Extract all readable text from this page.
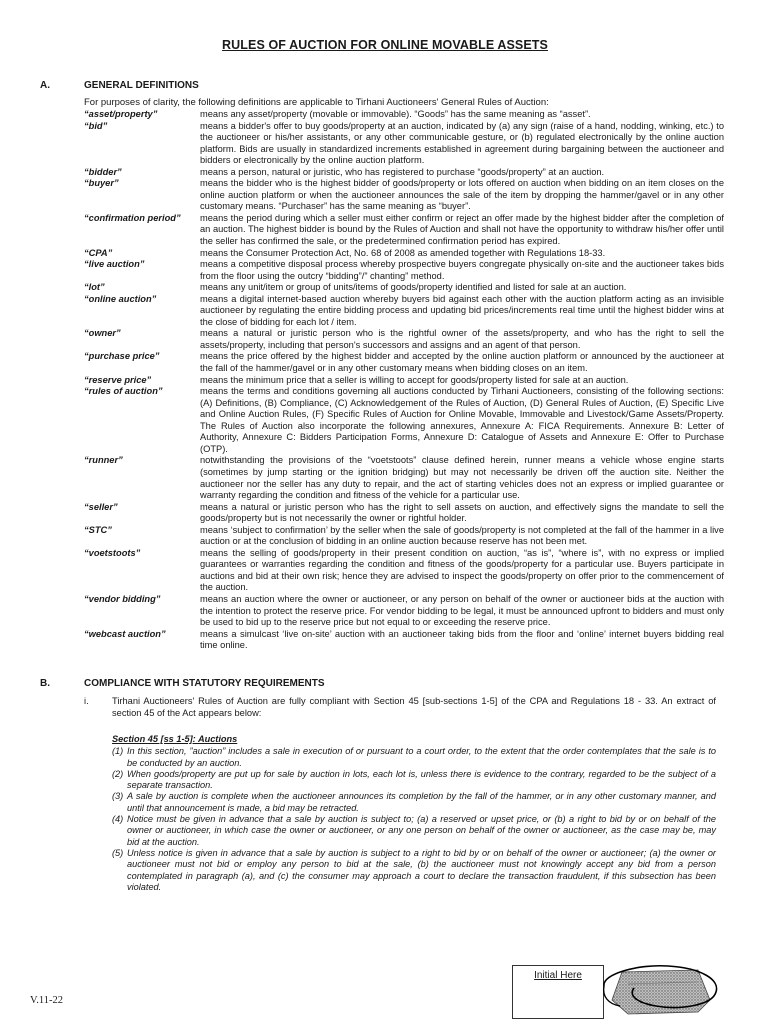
RULES OF AUCTION FOR ONLINE MOVABLE ASSETS
A.	GENERAL DEFINITIONS
For purposes of clarity, the following definitions are applicable to Tirhani Auctioneers' General Rules of Auction:
“asset/property”	means any asset/property (movable or immovable). “Goods” has the same meaning as “asset”.
“bid”	means a bidder's offer to buy goods/property at an auction, indicated by (a) any sign (raise of a hand, nodding, winking, etc.) to the auctioneer or his/her assistants, or any other communicable gesture, or (b) regulated electronically by the online auction platform. Bids are usually in standardized increments established in agreement during bargaining between the auctioneer and bidders or electronically by the online auction platform.
“bidder”	means a person, natural or juristic, who has registered to purchase “goods/property” at an auction.
“buyer”	means the bidder who is the highest bidder of goods/property or lots offered on auction when bidding on an item closes on the online auction platform or when the auctioneer announces the sale of the item by dropping the hammer/gavel or in any other customary means. “Purchaser” has the same meaning as “buyer”.
“confirmation period”	means the period during which a seller must either confirm or reject an offer made by the highest bidder after the completion of an auction. The highest bidder is bound by the Rules of Auction and shall not have the opportunity to withdraw his/her offer until the seller has confirmed the sale, or the predetermined confirmation period has expired.
“CPA”	means the Consumer Protection Act, No. 68 of 2008 as amended together with Regulations 18-33.
“live auction”	means a competitive disposal process whereby prospective buyers congregate physically on-site and the auctioneer takes bids from the floor using the outcry “bidding”/” chanting” method.
“lot”	means any unit/item or group of units/items of goods/property identified and listed for sale at an auction.
“online auction”	means a digital internet-based auction whereby buyers bid against each other with the auction platform acting as an invisible auctioneer by regulating the entire bidding process and updating bid prices/increments real time until the highest bidder wins at the close of bidding for each lot / item.
“owner”	means a natural or juristic person who is the rightful owner of the assets/property, and who has the right to sell the assets/property, including that person's successors and assigns and an agent of that person.
“purchase price”	means the price offered by the highest bidder and accepted by the online auction platform or announced by the auctioneer at the fall of the hammer/gavel or in any other customary means when bidding closes on an item.
“reserve price”	means the minimum price that a seller is willing to accept for goods/property listed for sale at an auction.
“rules of auction”	means the terms and conditions governing all auctions conducted by Tirhani Auctioneers, consisting of the following sections: (A) Definitions, (B) Compliance, (C) Acknowledgement of the Rules of Auction, (D) General Rules of Auction, (E) Specific Live and Online Auction Rules, (F) Specific Rules of Auction for Online Movable, Immovable and Livestock/Game Assets/Property. The Rules of Auction also incorporate the following annexures, Annexure A: FICA Requirements. Annexure B: Letter of Authority, Annexure C: Bidders Participation Forms, Annexure D: Catalogue of Assets and Annexure E: Offer to Purchase (OTP).
“runner”	notwithstanding the provisions of the “voetstoots” clause defined herein, runner means a vehicle whose engine starts (sometimes by jump starting or the ignition bridging) but may not necessarily be driven off the auction site. Neither the auctioneer nor the seller has any duty to repair, and the act of starting vehicles does not an express or implied guarantee or warranty regarding the condition and fitness of the vehicle for a particular use.
“seller”	means a natural or juristic person who has the right to sell assets on auction, and effectively signs the mandate to sell the goods/property but is not necessarily the owner or rightful holder.
“STC”	means ‘subject to confirmation’ by the seller when the sale of goods/property is not completed at the fall of the hammer in a live auction or at the conclusion of bidding in an online auction because reserve has not been met.
“voetstoots”	means the selling of goods/property in their present condition on auction, “as is”, “where is”, with no express or implied guarantees or warranties regarding the condition and fitness of the goods/property for a particular use. Buyers participate in auctions and bid at their own risk; hence they are advised to inspect the goods/property on offer prior to the commencement of the auction.
“vendor bidding”	means an auction where the owner or auctioneer, or any person on behalf of the owner or auctioneer bids at the auction with the intention to protect the reserve price. For vendor bidding to be legal, it must be announced upfront to bidders and must only be used to bid up to the reserve price but not equal to or exceeding the reserve price.
“webcast auction”	means a simulcast ‘live on-site’ auction with an auctioneer taking bids from the floor and ‘online’ internet buyers bidding real time online.
B.	COMPLIANCE WITH STATUTORY REQUIREMENTS
i.	Tirhani Auctioneers' Rules of Auction are fully compliant with Section 45 [sub-sections 1-5] of the CPA and Regulations 18 - 33. An extract of section 45 of the Act appears below:
Section 45 [ss 1-5]: Auctions
(1) In this section, ”auction” includes a sale in execution of or pursuant to a court order, to the extent that the order contemplates that the sale is to be conducted by an auction.
(2) When goods/property are put up for sale by auction in lots, each lot is, unless there is evidence to the contrary, regarded to be the subject of a separate transaction.
(3) A sale by auction is complete when the auctioneer announces its completion by the fall of the hammer, or in any other customary manner, and until that announcement is made, a bid may be retracted.
(4) Notice must be given in advance that a sale by auction is subject to; (a) a reserved or upset price, or (b) a right to bid by or on behalf of the owner or auctioneer, in which case the owner or auctioneer, or any one person on behalf of the owner or auctioneer, as the case may be, may bid at the auction.
(5) Unless notice is given in advance that a sale by auction is subject to a right to bid by or on behalf of the owner or auctioneer; (a) the owner or auctioneer must not bid or employ any person to bid at the sale, (b) the auctioneer must not knowingly accept any bid from a person contemplated in paragraph (a), and (c) the consumer may approach a court to declare the transaction fraudulent, if this subsection has been violated.
Initial Here
V.11-22
